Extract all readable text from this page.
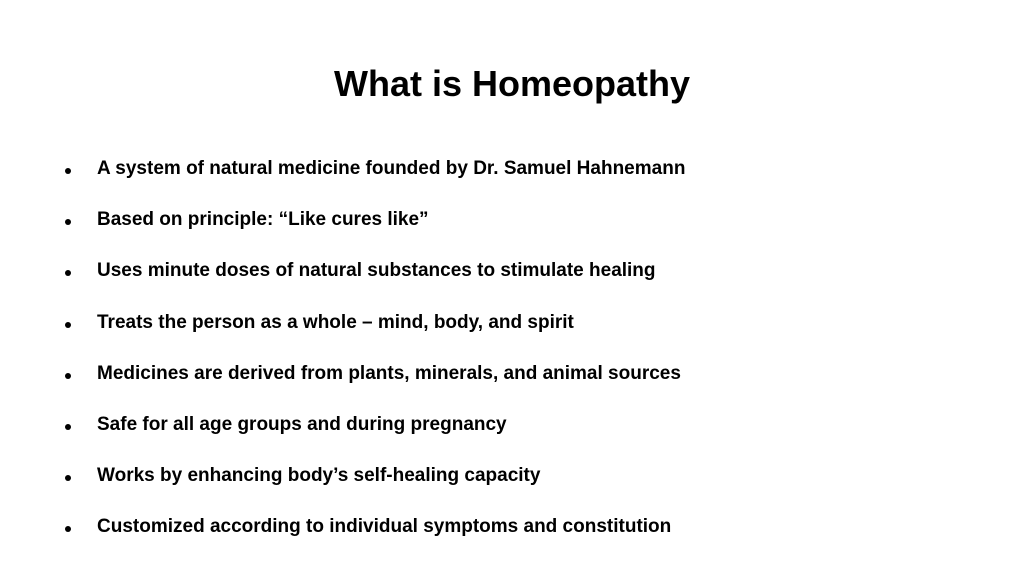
What is Homeopathy
A system of natural medicine founded by Dr. Samuel Hahnemann
Based on principle: “Like cures like”
Uses minute doses of natural substances to stimulate healing
Treats the person as a whole – mind, body, and spirit
Medicines are derived from plants, minerals, and animal sources
Safe for all age groups and during pregnancy
Works by enhancing body’s self-healing capacity
Customized according to individual symptoms and constitution
